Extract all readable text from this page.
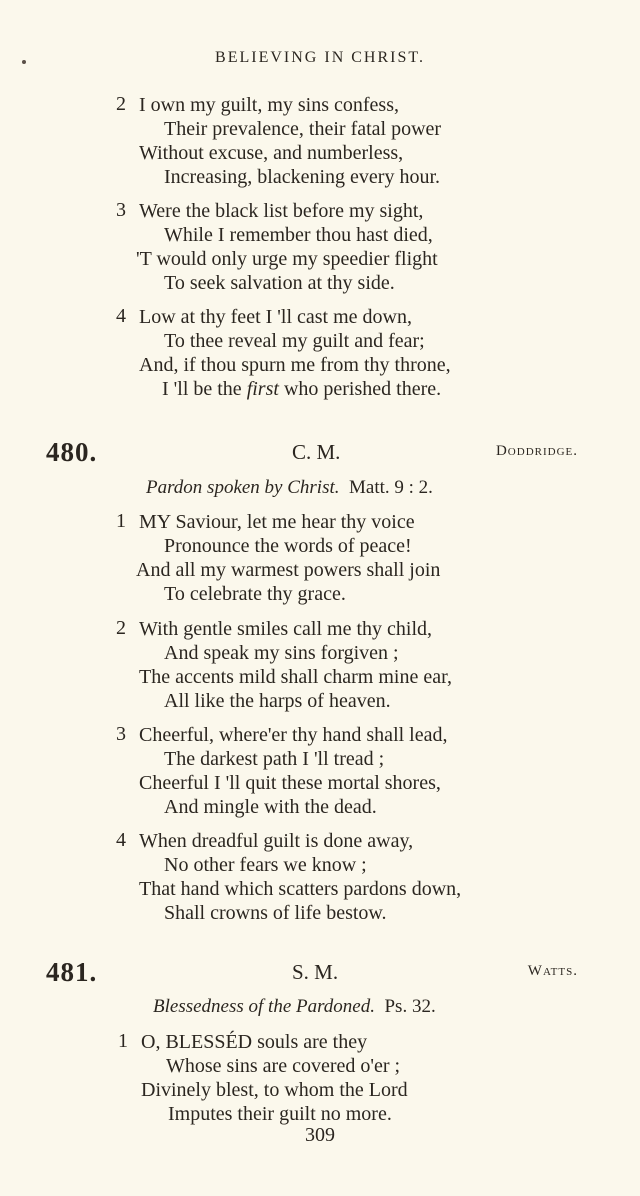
BELIEVING IN CHRIST.
2 I own my guilt, my sins confess,
Their prevalence, their fatal power
Without excuse, and numberless,
Increasing, blackening every hour.
3 Were the black list before my sight,
While I remember thou hast died,
'T would only urge my speedier flight
To seek salvation at thy side.
4 Low at thy feet I 'll cast me down,
To thee reveal my guilt and fear;
And, if thou spurn me from thy throne,
I 'll be the first who perished there.
480.	C. M.	Doddridge.
Pardon spoken by Christ. Matt. 9 : 2.
1 MY Saviour, let me hear thy voice
Pronounce the words of peace!
And all my warmest powers shall join
To celebrate thy grace.
2 With gentle smiles call me thy child,
And speak my sins forgiven ;
The accents mild shall charm mine ear,
All like the harps of heaven.
3 Cheerful, where'er thy hand shall lead,
The darkest path I 'll tread ;
Cheerful I 'll quit these mortal shores,
And mingle with the dead.
4 When dreadful guilt is done away,
No other fears we know ;
That hand which scatters pardons down,
Shall crowns of life bestow.
481.	S. M.	Watts.
Blessedness of the Pardoned. Ps. 32.
1 O, BLESSÉD souls are they
Whose sins are covered o'er ;
Divinely blest, to whom the Lord
Imputes their guilt no more.
309
